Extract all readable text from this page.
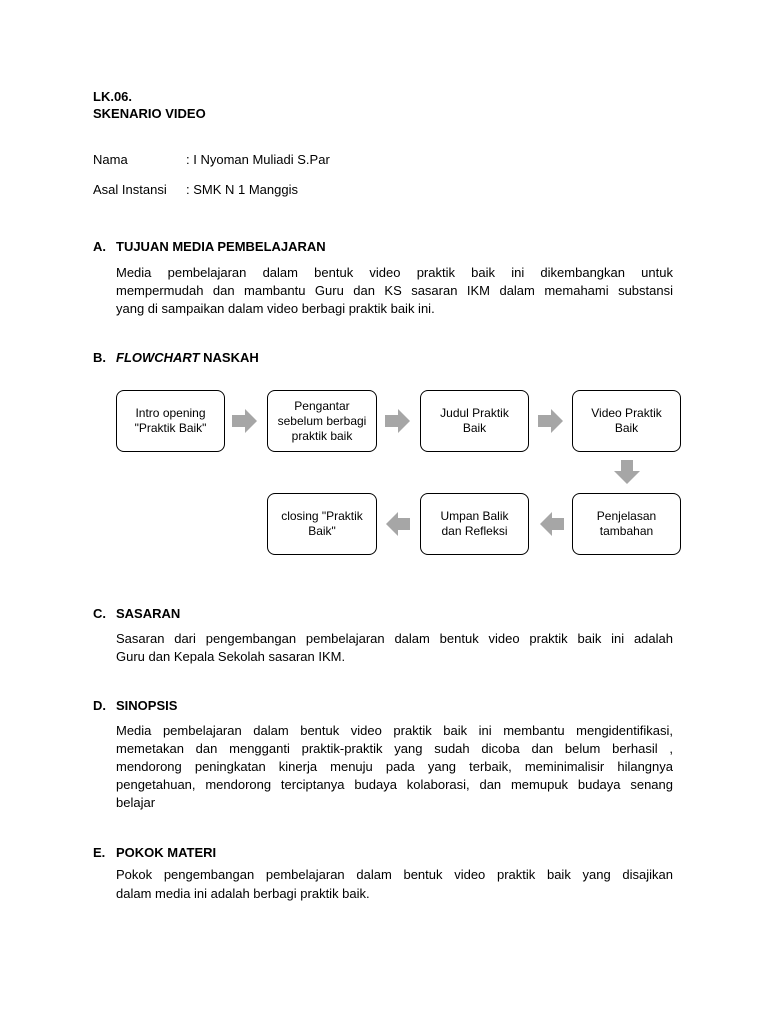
LK.06.
SKENARIO VIDEO
Nama	: I Nyoman Muliadi S.Par
Asal Instansi : SMK N 1 Manggis
A. TUJUAN MEDIA PEMBELAJARAN
Media pembelajaran dalam bentuk video praktik baik ini dikembangkan untuk
mempermudah dan mambantu Guru dan KS sasaran IKM dalam memahami substansi
yang di sampaikan dalam video berbagi praktik baik ini.
B. FLOWCHART NASKAH
Intro opening
"Praktik Baik"
Pengantar
sebelum berbagi
praktik baik
Judul Praktik
Baik
Video Praktik
Baik
Penjelasan
tambahan
Umpan Balik
dan Refleksi
closing "Praktik
Baik"
C. SASARAN
Sasaran dari pengembangan pembelajaran dalam bentuk video praktik baik ini adalah
Guru dan Kepala Sekolah sasaran IKM.
D. SINOPSIS
Media pembelajaran dalam bentuk video praktik baik ini membantu mengidentifikasi,
memetakan dan mengganti praktik-praktik yang sudah dicoba dan belum berhasil ,
mendorong peningkatan kinerja menuju pada yang terbaik, meminimalisir hilangnya
pengetahuan, mendorong terciptanya budaya kolaborasi, dan memupuk budaya senang
belajar
E. POKOK MATERI
Pokok pengembangan pembelajaran dalam bentuk video praktik baik yang disajikan
dalam media ini adalah berbagi praktik baik.
